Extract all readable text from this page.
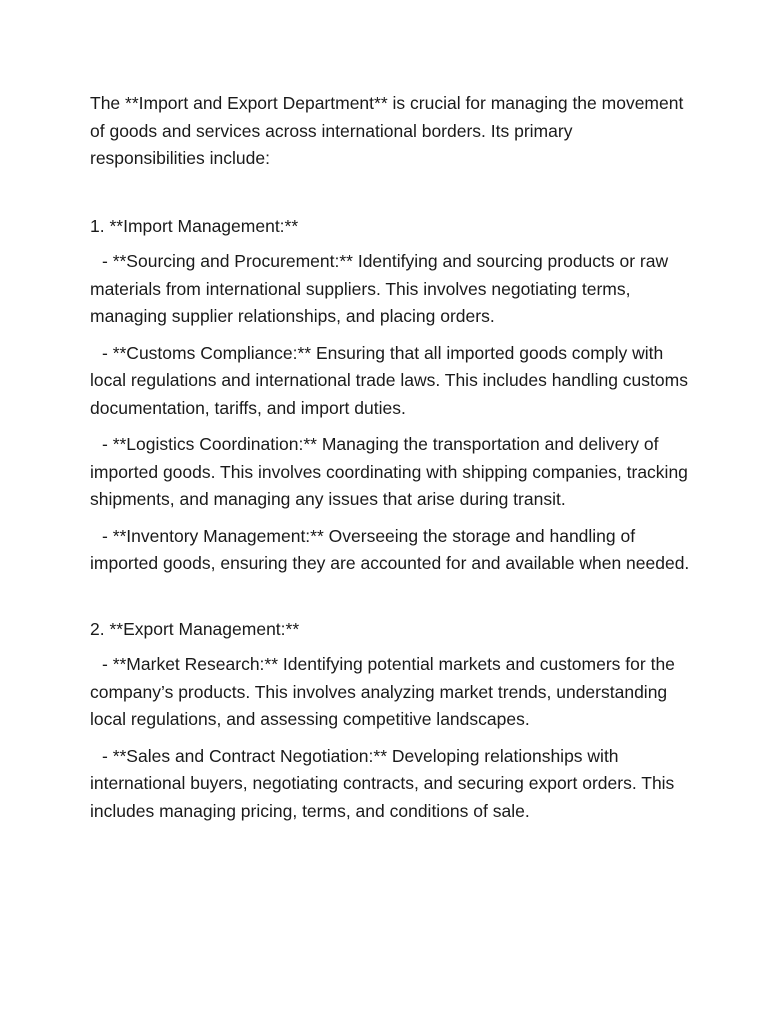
The **Import and Export Department** is crucial for managing the movement of goods and services across international borders. Its primary responsibilities include:

1. **Import Management:**

- **Sourcing and Procurement:** Identifying and sourcing products or raw materials from international suppliers. This involves negotiating terms, managing supplier relationships, and placing orders.

- **Customs Compliance:** Ensuring that all imported goods comply with local regulations and international trade laws. This includes handling customs documentation, tariffs, and import duties.

- **Logistics Coordination:** Managing the transportation and delivery of imported goods. This involves coordinating with shipping companies, tracking shipments, and managing any issues that arise during transit.

- **Inventory Management:** Overseeing the storage and handling of imported goods, ensuring they are accounted for and available when needed.

2. **Export Management:**

- **Market Research:** Identifying potential markets and customers for the company’s products. This involves analyzing market trends, understanding local regulations, and assessing competitive landscapes.

- **Sales and Contract Negotiation:** Developing relationships with international buyers, negotiating contracts, and securing export orders. This includes managing pricing, terms, and conditions of sale.
